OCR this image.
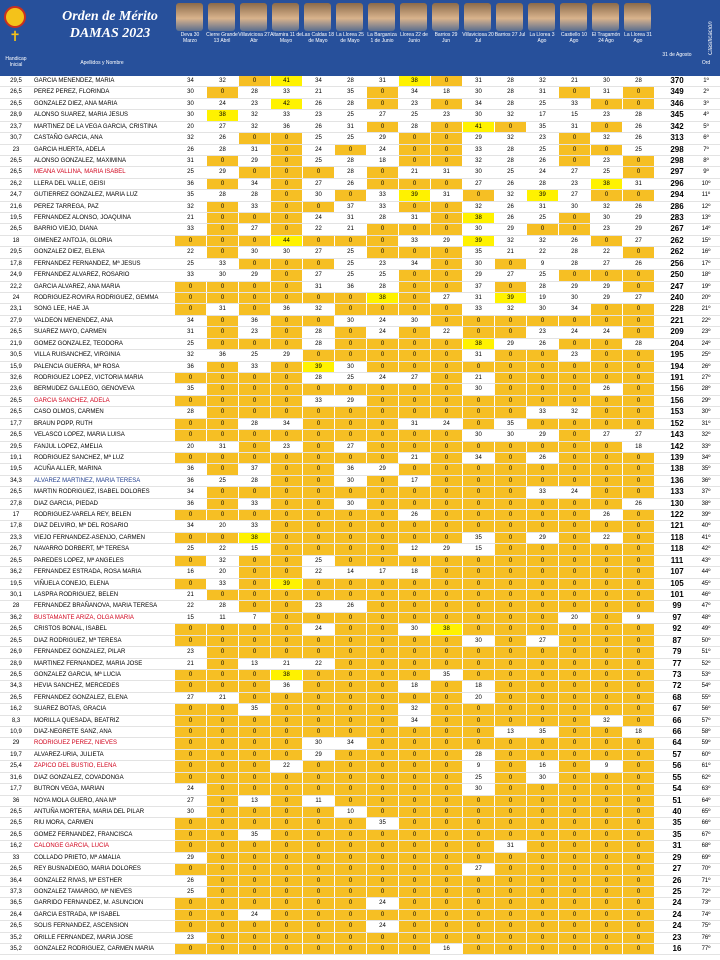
✝
Orden de Mérito
DAMAS 2023	Deva 30 Marzo
Cierre Grande 13 Abril
Villaviciosa 27 Abr
Altamira 11 de Mayo
Las Caldas 18 de Mayo
La Llorea 25 de Mayo
La Barganiza 1 de Junio
Llorea 22 de Junio
Barrios 29 Jun
Villaviciosa 20 Jul
Barrios 27 Jul La Llorea 3 Ago
Castiello 10 Ago
El Tragamón 24 Ago
La Llorea 31 Ago
Handicap Inicial	Apellidos y Nombre
31 de Agosto
Ord
Clasificación
29,5	GARCIA MENENDEZ, MARIA	34	32	0	41	34	28	31	38	0	31	28	32	21	30	28	370	1º
26,5	PEREZ PEREZ, FLORINDA	30	0	28	33	21	35	0	34	18	30	28	31	0	31	0	349	2º
26,5	GONZALEZ DIEZ, ANA MARIA	30	24	23	42	26	28	0	23	0	34	28	25	33	0	0	346	3º
28,9	ALONSO SUAREZ, MARIA JESUS	30	38	32	33	23	25	27	25	23	30	32	17	15	23	28	345	4º
23,7	MARTINEZ DE LA VEGA GARCIA, CRISTINA	20	27	32	36	26	31	0	28	0	41	0	35	31	0	26	342	5º
30,7	CASTAÑO GARCIA, ANA	32	26	0	0	25	25	29	0	0	29	32	23	0	32	26	313	6º
23	GARCIA HUERTA, ADELA	26	28	31	0	24	0	24	0	0	33	28	25	0	0	25	298	7º
26,5	ALONSO GONZALEZ, MAXIMINA	31	0	29	0	25	28	18	0	0	32	28	26	0	23	0	298	8º
26,5	MEANA VALLINA, MARIA ISABEL	25	29	0	0	0	28	0	21	31	30	25	24	27	25	0	297	9º
26,2	LLERA DEL VALLE, GEISI	36	0	34	0	27	26	0	0	0	27	26	28	23	38	31	296	10º
24,7	GUTIERREZ GONZALEZ, MARIA LUZ	35	28	28	0	30	0	33	39	31	0	32	39	27	0	0	294	11º
21,6	PEREZ TARREGA, PAZ	32	0	33	0	0	37	33	0	0	32	26	31	30	32	26	286	12º
19,5	FERNANDEZ ALONSO, JOAQUINA	21	0	0	0	24	31	28	31	0	38	26	25	0	30	29	283	13º
26,5	BARRIO VIEJO, DIANA	33	0	27	0	22	21	0	0	0	30	29	0	0	23	29	267	14º
18	GIMENEZ ANTOJA, GLORIA	0	0	0	44	0	0	0	33	29	39	32	32	26	0	27	262	15º
29,5	GONZALEZ DIEZ, ELENA	22	0	30	30	27	25	0	0	0	35	21	22	28	22	0	262	16º
17,8	FERNANDEZ FERNANDEZ, Mª JESUS	25	33	0	0	0	25	23	34	0	30	0	9	28	27	26	256	17º
24,9	FERNANDEZ ALVAREZ, ROSARIO	33	30	29	0	27	25	25	0	0	29	27	25	0	0	0	250	18º
22,2	GARCIA ALVAREZ, ANA MARIA	0	0	0	0	31	36	28	0	0	37	0	28	29	29	0	247	19º
24	RODRIGUEZ-ROVIRA RODRIGUEZ, GEMMA	0	0	0	0	0	0	38	0	27	31	39	19	30	29	27	240	20º
23,1	SONG LEE, HAE JA	0	31	0	36	32	0	0	0	0	33	32	30	34	0	0	228	21º
27,9	VALDEON MENENDEZ, ANA	34	0	36	0	0	30	24	30	0	0	0	0	0	0	0	221	22º
26,5	SUAREZ MAYO, CARMEN	31	0	23	0	28	0	24	0	22	0	0	23	24	24	0	209	23º
21,9	GOMEZ GONZALEZ, TEODORA	25	0	0	0	28	0	0	0	0	38	29	26	0	0	28	204	24º
30,5	VILLA RUISANCHEZ, VIRGINIA	32	36	25	29	0	0	0	0	0	31	0	0	23	0	0	195	25º
15,9	PALENCIA GUERRA, Mª ROSA	36	0	33	0	39	30	0	0	0	0	0	0	0	0	0	194	26º
32,6	RODRIGUEZ LOPEZ, VICTORIA MARIA	0	0	0	0	28	25	24	27	0	21	0	0	0	0	0	191	27º
23,6	BERMUDEZ GALLEGO, GENOVEVA	35	0	0	0	0	0	0	0	0	30	0	0	0	26	0	156	28º
26,5	GARCIA SANCHEZ, ADELA	0	0	0	0	33	29	0	0	0	0	0	0	0	0	0	156	29º
26,5	CASO OLMOS, CARMEN	28	0	0	0	0	0	0	0	0	0	0	33	32	0	0	153	30º
17,7	BRAUN POPP, RUTH	0	0	28	34	0	0	0	31	24	0	35	0	0	0	0	152	31º
26,5	VELASCO LOPEZ, MARIA LUISA	0	0	0	0	0	0	0	0	0	30	30	29	0	27	27	143	32º
29,5	FANJUL LOPEZ, AMELIA	20	31	0	23	0	27	0	0	0	0	0	0	0	0	18	142	33º
19,1	RODRIGUEZ SANCHEZ, Mª LUZ	0	0	0	0	0	0	0	21	0	34	0	26	0	0	0	139	34º
19,5	ACUÑA ALLER, MARINA	36	0	37	0	0	36	29	0	0	0	0	0	0	0	0	138	35º
34,3	ALVAREZ MARTINEZ, MARIA TERESA	36	25	28	0	0	30	0	17	0	0	0	0	0	0	0	136	36º
26,5	MARTIN RODRIGUEZ, ISABEL DOLORES	34	0	0	0	0	0	0	0	0	0	0	33	24	0	0	133	37º
27,8	DIAZ GARCIA, PIEDAD	36	0	33	0	0	30	0	0	0	0	0	0	0	0	26	130	38º
17	RODRIGUEZ-VARELA REY, BELEN	0	0	0	0	0	0	0	26	0	0	0	0	0	26	0	122	39º
17,8	DIAZ DELVIRO, Mª DEL ROSARIO	34	20	33	0	0	0	0	0	0	0	0	0	0	0	0	121	40º
23,3	VIEJO FERNANDEZ-ASENJO, CARMEN	0	0	38	0	0	0	0	0	0	35	0	29	0	22	0	118	41º
26,7	NAVARRO DORBERT, Mª TERESA	25	22	15	0	0	0	0	12	29	15	0	0	0	0	0	118	42º
26,5	PAREDES LOPEZ, Mª ANGELES	0	32	0	0	25	0	0	0	0	0	0	0	0	0	0	111	43º
36,2	FERNANDEZ ESTRADA, ROSA MARIA	16	20	0	0	22	14	17	18	0	0	0	0	0	0	0	107	44º
19,5	VIÑUELA CONEJO, ELENA	0	33	0	39	0	0	0	0	0	0	0	0	0	0	0	105	45º
30,1	LASPRA RODRIGUEZ, BELEN	21	0	0	0	0	0	0	0	0	0	0	0	0	0	0	101	46º
28	FERNANDEZ BRAÑANOVA, MARIA TERESA	22	28	0	0	23	26	0	0	0	0	0	0	0	0	0	99	47º
36,2	BUSTAMANTE ARIZA, OLGA MARIA	15	11	7	0	0	0	0	0	0	0	0	0	20	0	9	97	48º
26,5	CRISTOS BONAL, ISABEL	0	0	0	0	24	0	0	30	38	0	0	0	0	0	0	92	49º
26,5	DIAZ RODRIGUEZ, Mª TERESA	0	0	0	0	0	0	0	0	0	30	0	27	0	0	0	87	50º
26,9	FERNANDEZ GONZALEZ, PILAR	23	0	0	0	0	0	0	0	0	0	0	0	0	0	0	79	51º
28,9	MARTINEZ FERNANDEZ, MARIA JOSE	21	0	13	21	22	0	0	0	0	0	0	0	0	0	0	77	52º
26,5	GONZALEZ GARCIA, Mª LUCIA	0	0	0	38	0	0	0	0	35	0	0	0	0	0	0	73	53º
34,3	HEVIA SANCHEZ, MERCEDES	0	0	0	36	0	0	0	18	0	18	0	0	0	0	0	72	54º
26,5	FERNANDEZ GONZALEZ, ELENA	27	21	0	0	0	0	0	0	0	20	0	0	0	0	0	68	55º
16,2	SUAREZ BOTAS, GRACIA	0	0	35	0	0	0	0	32	0	0	0	0	0	0	0	67	56º
8,3	MORILLA QUESADA, BEATRIZ	0	0	0	0	0	0	0	34	0	0	0	0	0	32	0	66	57º
10,9	DIAZ-NEGRETE SANZ, ANA	0	0	0	0	0	0	0	0	0	0	13	35	0	0	18	66	58º
29	RODRIGUEZ PEREZ, NIEVES	0	0	0	0	30	34	0	0	0	0	0	0	0	0	0	64	59º
19,7	ALVAREZ-URIA, JULIETA	0	0	0	0	29	0	0	0	0	28	0	0	0	0	0	57	60º
25,4	ZAPICO DEL BUSTIO, ELENA	0	0	0	22	0	0	0	0	0	9	0	16	0	9	0	56	61º
31,6	DIAZ GONZALEZ, COVADONGA	0	0	0	0	0	0	0	0	0	25	0	30	0	0	0	55	62º
17,7	BUTRON VEGA, MARIAN	24	0	0	0	0	0	0	0	0	30	0	0	0	0	0	54	63º
36	NOYA MOLA GUERO, ANA Mª	27	0	13	0	11	0	0	0	0	0	0	0	0	0	0	51	64º
26,5	ANTUÑA MORTERA, MARIA DEL PILAR	30	0	0	0	0	10	0	0	0	0	0	0	0	0	0	40	65º
26,5	RIU MORA, CARMEN	0	0	0	0	0	0	35	0	0	0	0	0	0	0	0	35	66º
26,5	GOMEZ FERNANDEZ, FRANCISCA	0	0	35	0	0	0	0	0	0	0	0	0	0	0	0	35	67º
16,2	CALONGE GARCIA, LUCIA	0	0	0	0	0	0	0	0	0	0	31	0	0	0	0	31	68º
33	COLLADO PRIETO, Mª AMALIA	29	0	0	0	0	0	0	0	0	0	0	0	0	0	0	29	69º
26,5	REY BUSNADIEGO, MARIA DOLORES	0	0	0	0	0	0	0	0	0	27	0	0	0	0	0	27	70º
36,4	GONZALEZ RIVAS, Mª ESTHER	26	0	0	0	0	0	0	0	0	0	0	0	0	0	0	26	71º
37,3	GONZALEZ TAMARGO, Mª NIEVES	25	0	0	0	0	0	0	0	0	0	0	0	0	0	0	25	72º
36,5	GARRIDO FERNANDEZ, M. ASUNCION	0	0	0	0	0	0	24	0	0	0	0	0	0	0	0	24	73º
26,4	GARCIA ESTRADA, Mª ISABEL	0	0	24	0	0	0	0	0	0	0	0	0	0	0	0	24	74º
26,5	SOLIS FERNANDEZ, ASCENSION	0	0	0	0	0	0	24	0	0	0	0	0	0	0	0	24	75º
35,2	ORILLE FERNANDEZ, MARIA JOSE	23	0	0	0	0	0	0	0	0	0	0	0	0	0	0	23	76º
35,2	GONZALEZ RODRIGUEZ, CARMEN MARIA	0	0	0	0	0	0	0	0	16	0	0	0	0	0	0	16	77º
